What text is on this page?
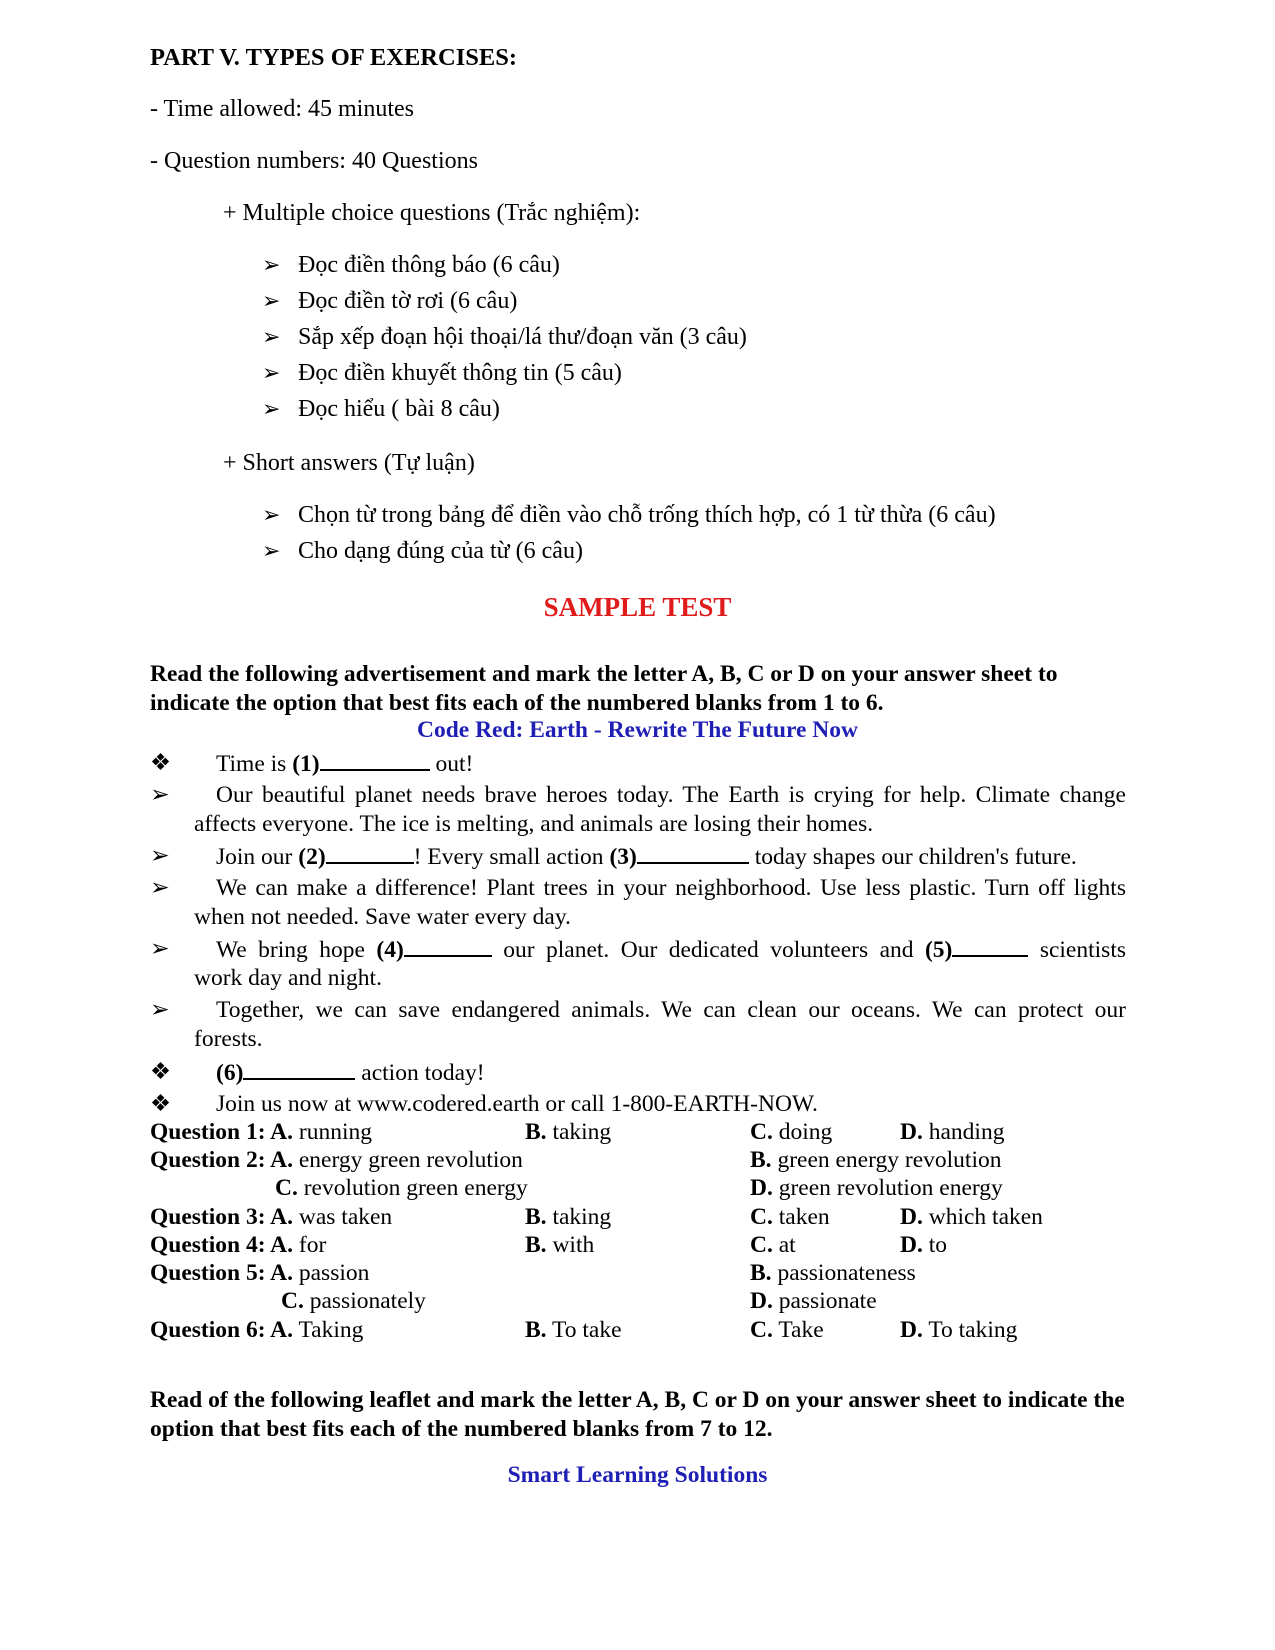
PART V. TYPES OF EXERCISES:
- Time allowed: 45 minutes
- Question numbers: 40 Questions
+ Multiple choice questions (Trắc nghiệm):
➢ Đọc điền thông báo (6 câu)
➢ Đọc điền tờ rơi (6 câu)
➢ Sắp xếp đoạn hội thoại/lá thư/đoạn văn (3 câu)
➢ Đọc điền khuyết thông tin (5 câu)
➢ Đọc hiểu ( bài 8 câu)
+ Short answers (Tự luận)
➢ Chọn từ trong bảng để điền vào chỗ trống thích hợp, có 1 từ thừa (6 câu)
➢ Cho dạng đúng của từ (6 câu)
SAMPLE TEST
Read the following advertisement and mark the letter A, B, C or D on your answer sheet to indicate the option that best fits each of the numbered blanks from 1 to 6.
Code Red: Earth - Rewrite The Future Now
❖	Time is (1)	out!
➢	Our beautiful planet needs brave heroes today. The Earth is crying for help. Climate change
affects everyone. The ice is melting, and animals are losing their homes.
➢	Join our (2)	! Every small action (3)	today shapes our children's future.
➢	We can make a difference! Plant trees in your neighborhood. Use less plastic. Turn off lights
when not needed. Save water every day.
➢	We bring hope (4)	our planet. Our dedicated volunteers and (5)	scientists
work day and night.
➢	Together, we can save endangered animals. We can clean our oceans. We can protect our
forests.
❖	(6)	action today!
❖	Join us now at www.codered.earth or call 1-800-EARTH-NOW.
Question 1: A. running	B. taking	C. doing	D. handing
Question 2: A. energy green revolution	B. green energy revolution
C. revolution green energy	D. green revolution energy
Question 3: A. was taken	B. taking	C. taken	D. which taken
Question 4: A. for	B. with	C. at	D. to
Question 5: A. passion	B. passionateness
C. passionately	D. passionate
Question 6: A. Taking	B. To take	C. Take	D. To taking
Read of the following leaflet and mark the letter A, B, C or D on your answer sheet to indicate the option that best fits each of the numbered blanks from 7 to 12.
Smart Learning Solutions
